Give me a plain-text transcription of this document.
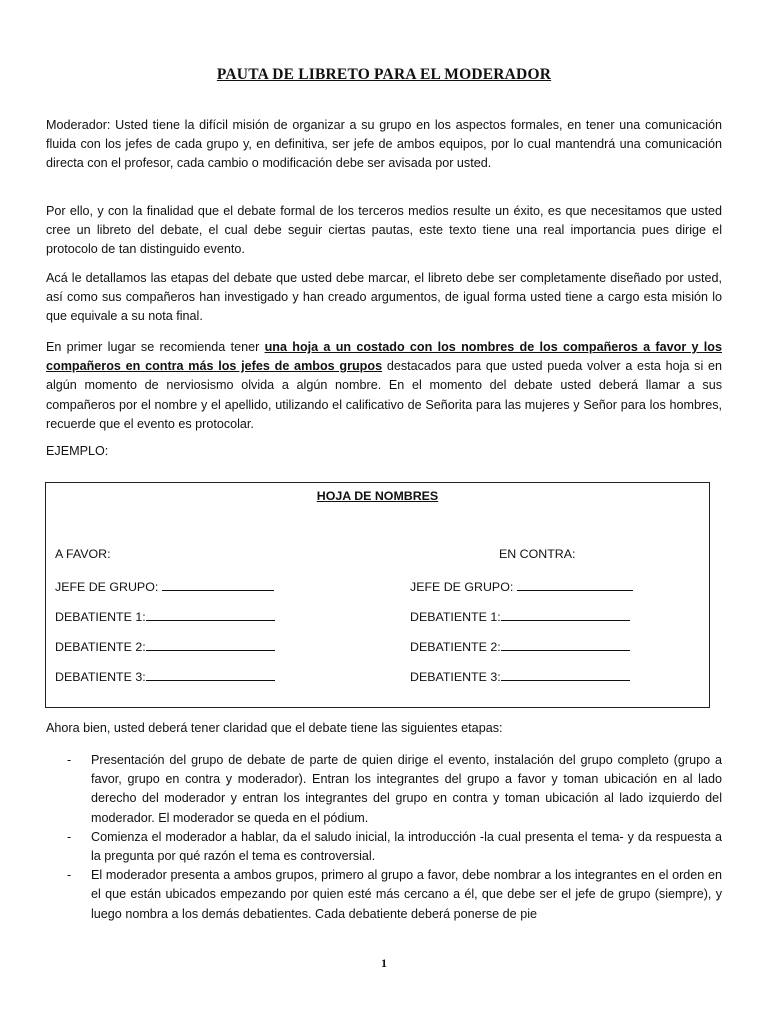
PAUTA DE LIBRETO PARA EL MODERADOR

Moderador: Usted tiene la difícil misión de organizar a su grupo en los aspectos formales, en tener una comunicación fluida con los jefes de cada grupo y, en definitiva, ser jefe de ambos equipos, por lo cual mantendrá una comunicación directa con el profesor, cada cambio o modificación debe ser avisada por usted.

Por ello, y con la finalidad que el debate formal de los terceros medios resulte un éxito, es que necesitamos que usted cree un libreto del debate, el cual debe seguir ciertas pautas, este texto tiene una real importancia pues dirige el protocolo de tan distinguido evento.

Acá le detallamos las etapas del debate que usted debe marcar, el libreto debe ser completamente diseñado por usted, así como sus compañeros han investigado y han creado argumentos, de igual forma usted tiene a cargo esta misión lo que equivale a su nota final.

En primer lugar se recomienda tener una hoja a un costado con los nombres de los compañeros a favor y los compañeros en contra más los jefes de ambos grupos destacados para que usted pueda volver a esta hoja si en algún momento de nerviosismo olvida a algún nombre. En el momento del debate usted deberá llamar a sus compañeros por el nombre y el apellido, utilizando el calificativo de Señorita para las mujeres y Señor para los hombres, recuerde que el evento es protocolar.

EJEMPLO:
HOJA DE NOMBRES
A FAVOR:	EN CONTRA:
JEFE DE GRUPO:	JEFE DE GRUPO:
DEBATIENTE 1:	DEBATIENTE 1:
DEBATIENTE 2:	DEBATIENTE 2:
DEBATIENTE 3:	DEBATIENTE 3:
Ahora bien, usted deberá tener claridad que el debate tiene las siguientes etapas:
- Presentación del grupo de debate de parte de quien dirige el evento, instalación del grupo completo (grupo a favor, grupo en contra y moderador). Entran los integrantes del grupo a favor y toman ubicación en al lado derecho del moderador y entran los integrantes del grupo en contra y toman ubicación al lado izquierdo del moderador. El moderador se queda en el pódium.
- Comienza el moderador a hablar, da el saludo inicial, la introducción -la cual presenta el tema- y da respuesta a la pregunta por qué razón el tema es controversial.
- El moderador presenta a ambos grupos, primero al grupo a favor, debe nombrar a los integrantes en el orden en el que están ubicados empezando por quien esté más cercano a él, que debe ser el jefe de grupo (siempre), y luego nombra a los demás debatientes. Cada debatiente deberá ponerse de pie
1
